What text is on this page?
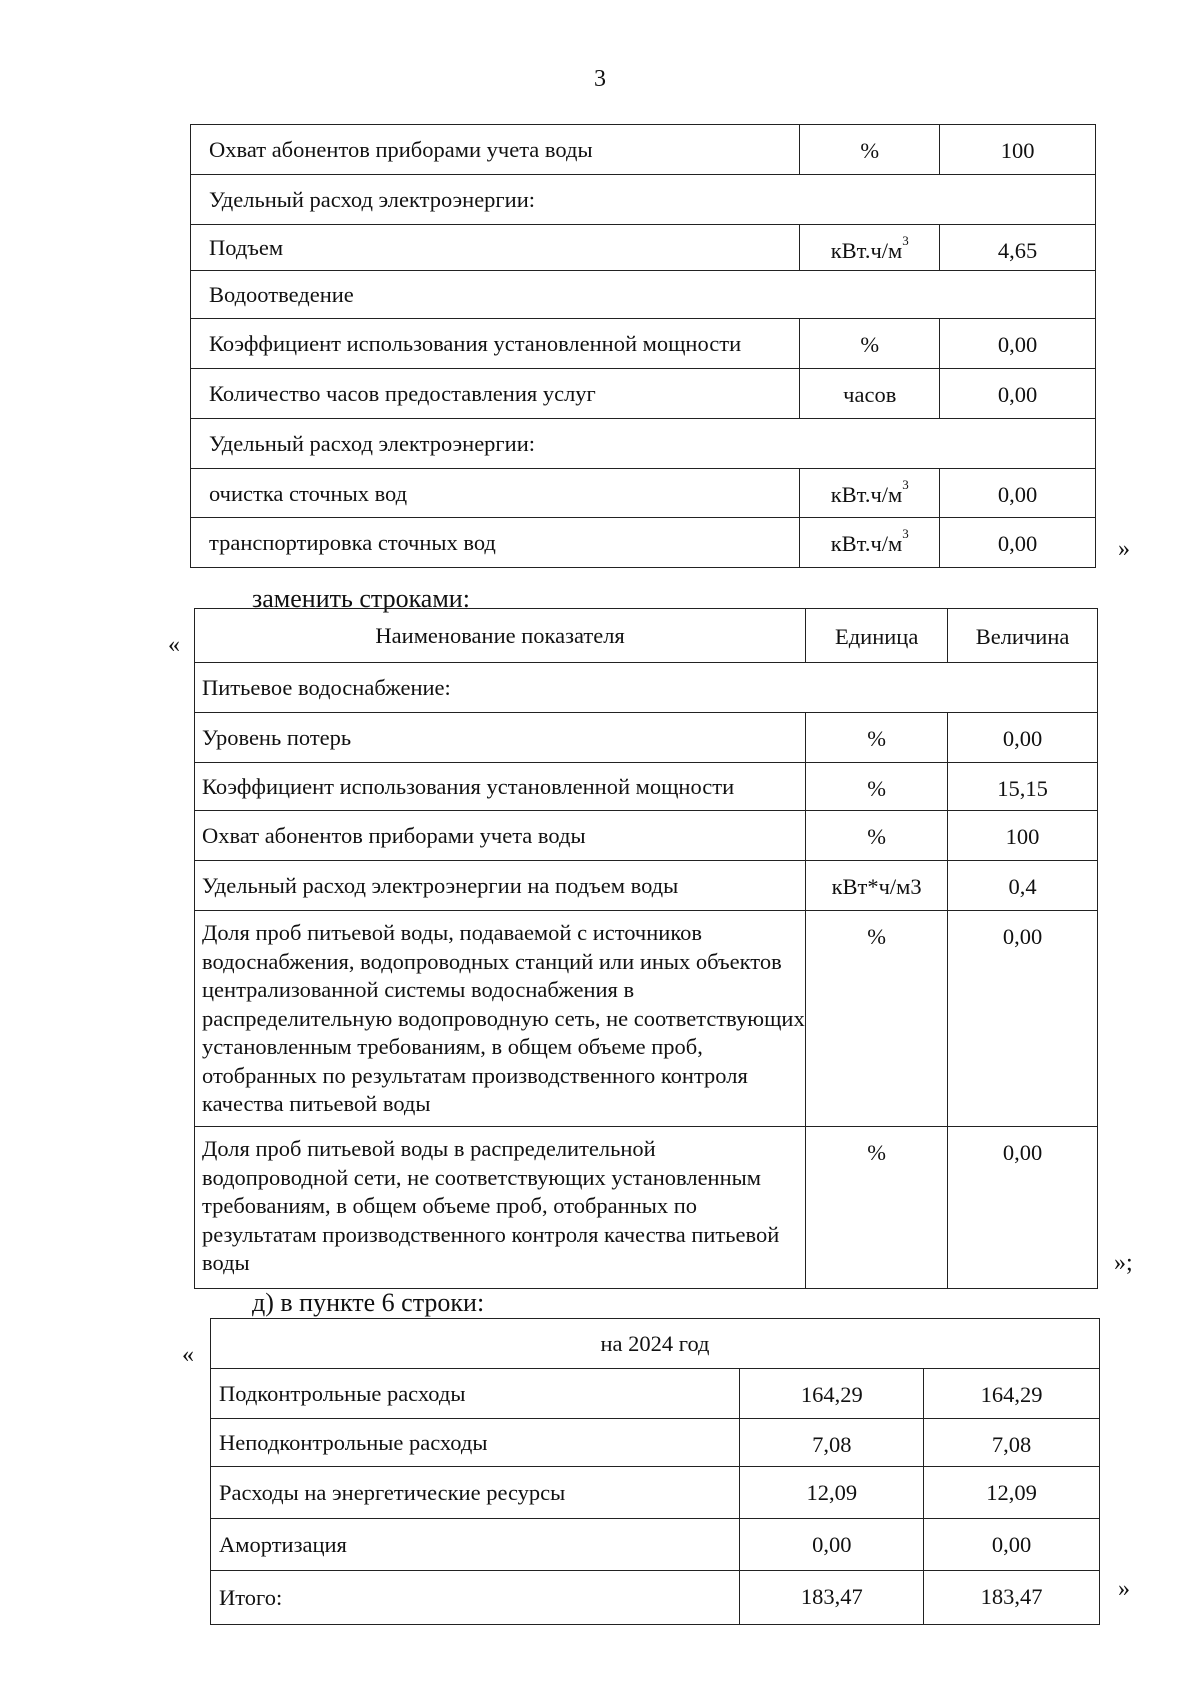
3
Охват абонентов приборами учета воды	%	100
Удельный расход электроэнергии:		
Подъем	$кВт.ч/м^3$	4,65
Водоотведение		
Коэффициент использования установленной мощности	%	0,00
Количество часов предоставления услуг	часов	0,00
Удельный расход электроэнергии:		
очистка сточных вод	$кВт.ч/м^3$	0,00
транспортировка сточных вод	$кВт.ч/м^3$	0,00	»
заменить строками:
«	Наименование показателя	Единица	Величина
Питьевое водоснабжение:		
Уровень потерь	%	0,00
Коэффициент использования установленной мощности	%	15,15
Охват абонентов приборами учета воды	%	100
Удельный расход электроэнергии на подъем воды	кВт*ч/м3	0,4
Доля проб питьевой воды, подаваемой с источников водоснабжения, водопроводных станций или иных объектов централизованной системы водоснабжения в распределительную водопроводную сеть, не соответствующих установленным требованиям, в общем объеме проб, отобранных по результатам производственного контроля качества питьевой воды	%	0,00
Доля проб питьевой воды в распределительной водопроводной сети, не соответствующих установленным требованиям, в общем объеме проб, отобранных по результатам производственного контроля качества питьевой воды	%	0,00
»;
д) в пункте 6 строки:
«	на 2024 год		
Подконтрольные расходы	164,29	164,29
Неподконтрольные расходы	7,08	7,08
Расходы на энергетические ресурсы	12,09	12,09
Амортизация	0,00	0,00
Итого:	183,47	183,47	»
